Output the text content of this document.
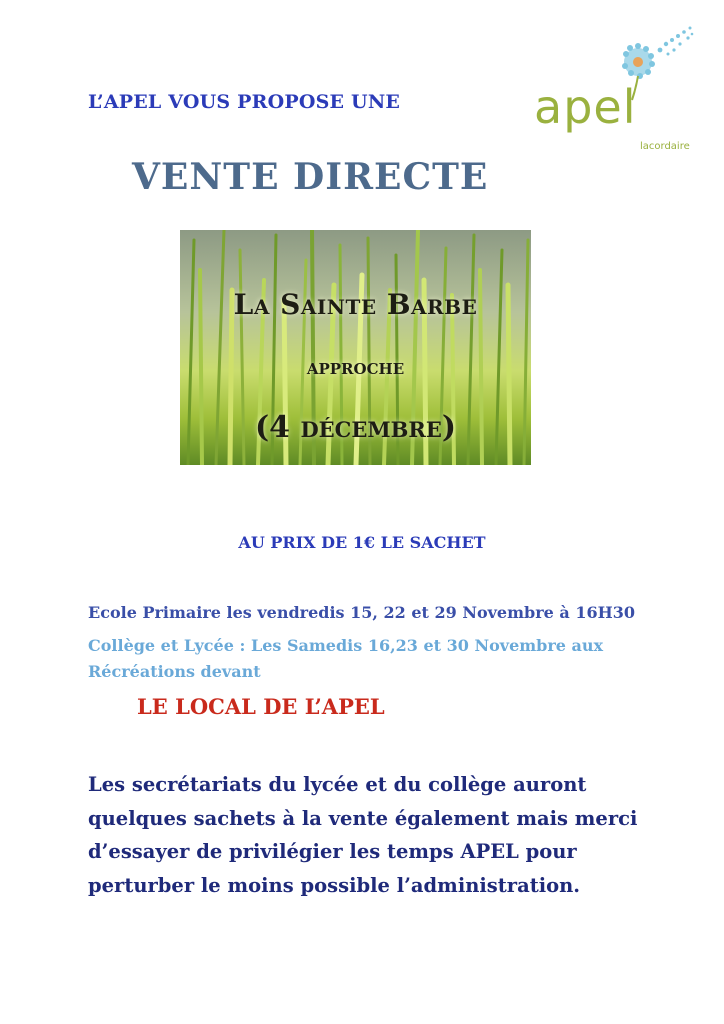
L’APEL VOUS PROPOSE UNE
VENTE DIRECTE
apel
lacordaire
La Sainte Barbe
approche
(4 décembre)
AU PRIX DE 1€ LE SACHET
Ecole Primaire les vendredis 15, 22 et 29 Novembre à 16H30
Collège et Lycée : Les Samedis 16,23 et 30 Novembre aux
Récréations devant
LE LOCAL DE L’APEL
Les secrétariats du lycée et du collège auront
quelques sachets à la vente également mais merci
d’essayer de privilégier les temps APEL pour
perturber le moins possible l’administration.
